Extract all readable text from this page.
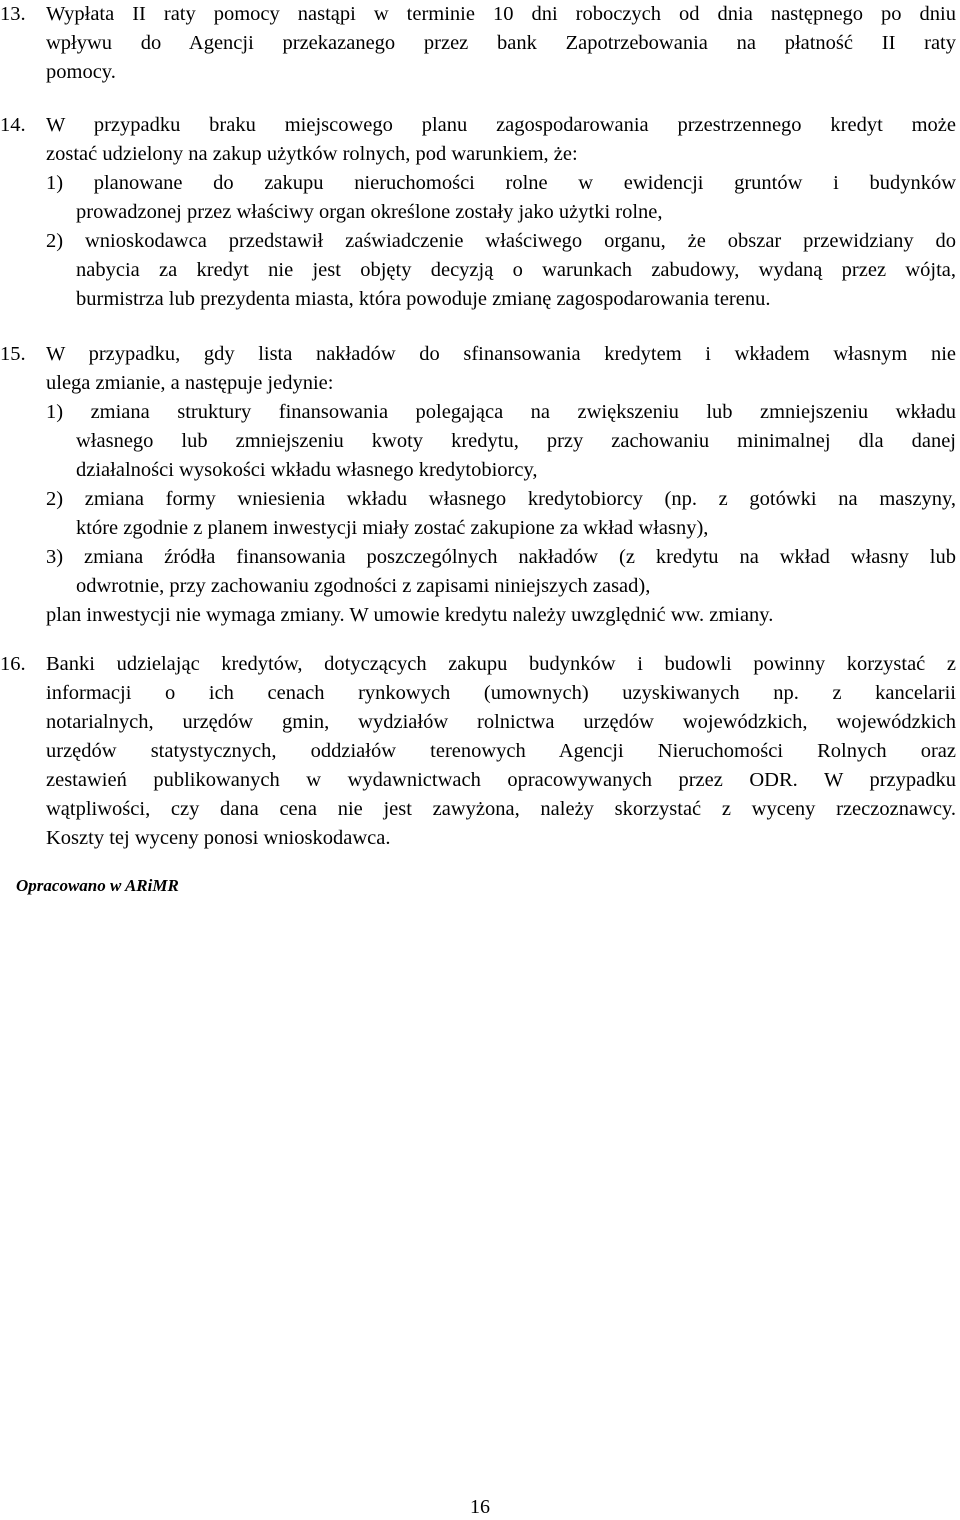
13. Wypłata II raty pomocy nastąpi w terminie 10 dni roboczych od dnia następnego po dniu
wpływu do Agencji przekazanego przez bank Zapotrzebowania na płatność II raty
pomocy.
14. W przypadku braku miejscowego planu zagospodarowania przestrzennego kredyt może
zostać udzielony na zakup użytków rolnych, pod warunkiem, że:
1) planowane do zakupu nieruchomości rolne w ewidencji gruntów i budynków
prowadzonej przez właściwy organ określone zostały jako użytki rolne,
2) wnioskodawca przedstawił zaświadczenie właściwego organu, że obszar przewidziany do
nabycia za kredyt nie jest objęty decyzją o warunkach zabudowy, wydaną przez wójta,
burmistrza lub prezydenta miasta, która powoduje zmianę zagospodarowania terenu.
15. W przypadku, gdy lista nakładów do sfinansowania kredytem i wkładem własnym nie
ulega zmianie, a następuje jedynie:
1) zmiana struktury finansowania polegająca na zwiększeniu lub zmniejszeniu wkładu
własnego lub zmniejszeniu kwoty kredytu, przy zachowaniu minimalnej dla danej
działalności wysokości wkładu własnego kredytobiorcy,
2) zmiana formy wniesienia wkładu własnego kredytobiorcy (np. z gotówki na maszyny,
które zgodnie z planem inwestycji miały zostać zakupione za wkład własny),
3) zmiana źródła finansowania poszczególnych nakładów (z kredytu na wkład własny lub
odwrotnie, przy zachowaniu zgodności z zapisami niniejszych zasad),
plan inwestycji nie wymaga zmiany. W umowie kredytu należy uwzględnić ww. zmiany.
16. Banki udzielając kredytów, dotyczących zakupu budynków i budowli powinny korzystać z
informacji o ich cenach rynkowych (umownych) uzyskiwanych np. z kancelarii
notarialnych, urzędów gmin, wydziałów rolnictwa urzędów wojewódzkich, wojewódzkich
urzędów statystycznych, oddziałów terenowych Agencji Nieruchomości Rolnych oraz
zestawień publikowanych w wydawnictwach opracowywanych przez ODR. W przypadku
wątpliwości, czy dana cena nie jest zawyżona, należy skorzystać z wyceny rzeczoznawcy.
Koszty tej wyceny ponosi wnioskodawca.
Opracowano w ARiMR
16
